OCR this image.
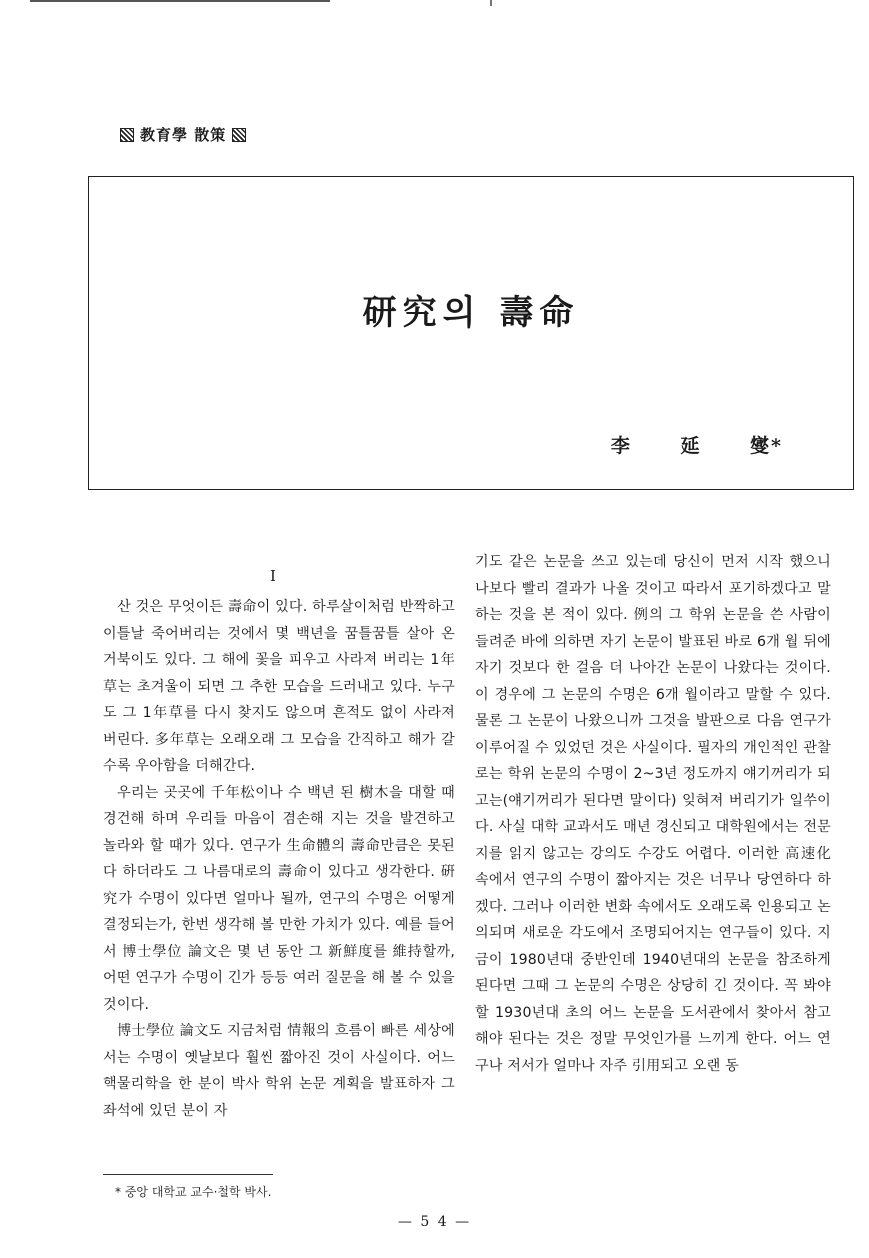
教育學 散策
研究의 壽命
李 延 燮*
I

산 것은 무엇이든 壽命이 있다. 하루살이처럼 반짝하고 이틀날 죽어버리는 것에서 몇 백년을 꿈틀꿈틀 살아 온 거북이도 있다. 그 해에 꽃을 피우고 사라져 버리는 1年草는 초겨울이 되면 그 추한 모습을 드러내고 있다. 누구도 그 1年草를 다시 찾지도 않으며 흔적도 없이 사라져 버린다. 多年草는 오래오래 그 모습을 간직하고 해가 갈수록 우아함을 더해간다.

우리는 곳곳에 千年松이나 수 백년 된 樹木을 대할 때 경건해 하며 우리들 마음이 겸손해 지는 것을 발견하고 놀라와 할 때가 있다. 연구가 生命體의 壽命만큼은 못된다 하더라도 그 나름대로의 壽命이 있다고 생각한다. 硏究가 수명이 있다면 얼마나 될까, 연구의 수명은 어떻게 결정되는가, 한번 생각해 볼 만한 가치가 있다. 예를 들어서 博士學位 論文은 몇 년 동안 그 新鮮度를 維持할까, 어떤 연구가 수명이 긴가 등등 여러 질문을 해 볼 수 있을 것이다.

博士學位 論文도 지금처럼 情報의 흐름이 빠른 세상에서는 수명이 옛날보다 훨씬 짧아진 것이 사실이다. 어느 핵물리학을 한 분이 박사 학위 논문 계획을 발표하자 그 좌석에 있던 분이 자

기도 같은 논문을 쓰고 있는데 당신이 먼저 시작 했으니 나보다 빨리 결과가 나올 것이고 따라서 포기하겠다고 말하는 것을 본 적이 있다. 例의 그 학위 논문을 쓴 사람이 들려준 바에 의하면 자기 논문이 발표된 바로 6개 월 뒤에 자기 것보다 한 걸음 더 나아간 논문이 나왔다는 것이다. 이 경우에 그 논문의 수명은 6개 월이라고 말할 수 있다. 물론 그 논문이 나왔으니까 그것을 발판으로 다음 연구가 이루어질 수 있었던 것은 사실이다. 필자의 개인적인 관찰로는 학위 논문의 수명이 2~3년 정도까지 얘기꺼리가 되고는(얘기꺼리가 된다면 말이다) 잊혀져 버리기가 일쑤이다. 사실 대학 교과서도 매년 경신되고 대학원에서는 전문지를 읽지 않고는 강의도 수강도 어렵다. 이러한 高速化 속에서 연구의 수명이 짧아지는 것은 너무나 당연하다 하겠다. 그러나 이러한 변화 속에서도 오래도록 인용되고 논의되며 새로운 각도에서 조명되어지는 연구들이 있다. 지금이 1980년대 중반인데 1940년대의 논문을 참조하게 된다면 그때 그 논문의 수명은 상당히 긴 것이다. 꼭 봐야 할 1930년대 초의 어느 논문을 도서관에서 찾아서 참고해야 된다는 것은 정말 무엇인가를 느끼게 한다. 어느 연구나 저서가 얼마나 자주 引用되고 오랜 동

* 중앙 대학교 교수·철학 박사.
— 5 4 —
